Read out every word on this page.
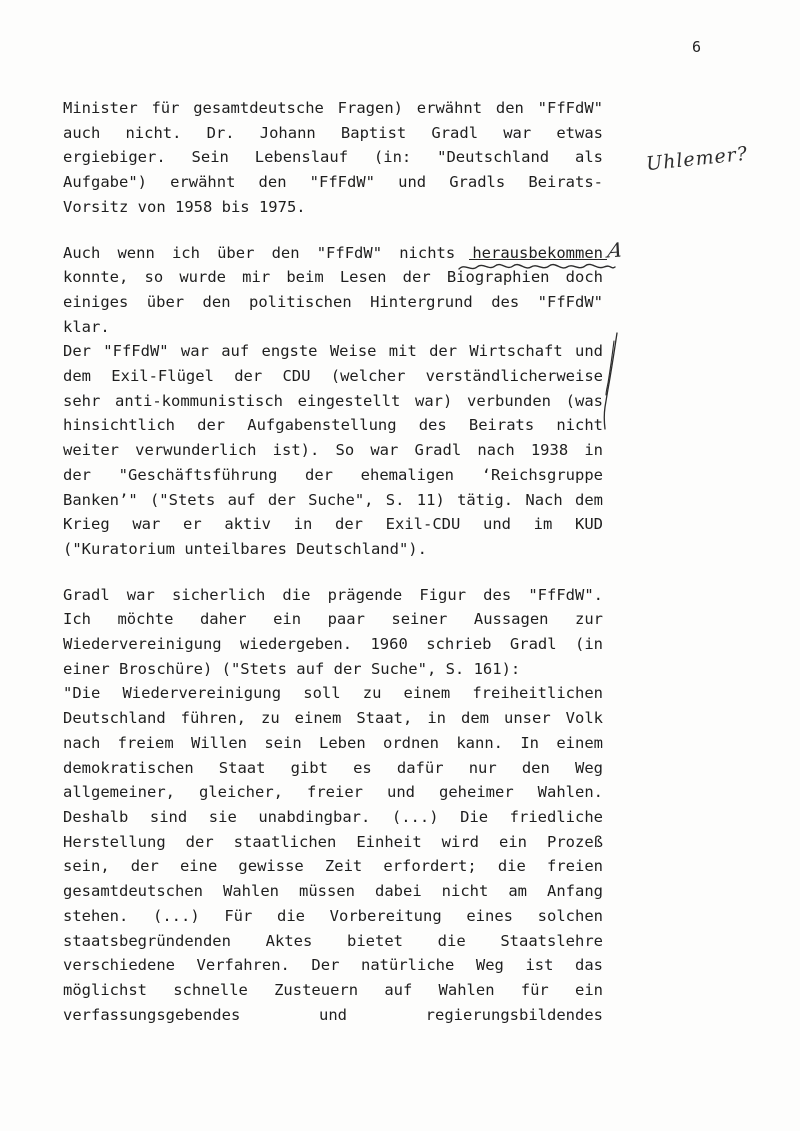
6
Uhlemer?
Minister für gesamtdeutsche Fragen) erwähnt den "FfFdW"
auch nicht. Dr. Johann Baptist Gradl war etwas
ergiebiger. Sein Lebenslauf (in: "Deutschland als
Aufgabe") erwähnt den "FfFdW" und Gradls Beirats-
Vorsitz von 1958 bis 1975.
Auch wenn ich über den "FfFdW" nichts herausbekommen
konnte, so wurde mir beim Lesen der Biographien doch
einiges über den politischen Hintergrund des "FfFdW"
klar.
Der "FfFdW" war auf engste Weise mit der Wirtschaft und
dem Exil-Flügel der CDU (welcher verständlicherweise
sehr anti-kommunistisch eingestellt war) verbunden (was
hinsichtlich der Aufgabenstellung des Beirats nicht
weiter verwunderlich ist). So war Gradl nach 1938 in
der "Geschäftsführung der ehemaligen ‘Reichsgruppe
Banken’" ("Stets auf der Suche", S. 11) tätig. Nach dem
Krieg war er aktiv in der Exil-CDU und im KUD
("Kuratorium unteilbares Deutschland").
Gradl war sicherlich die prägende Figur des "FfFdW".
Ich möchte daher ein paar seiner Aussagen zur
Wiedervereinigung wiedergeben. 1960 schrieb Gradl (in
einer Broschüre) ("Stets auf der Suche", S. 161):
"Die Wiedervereinigung soll zu einem freiheitlichen
Deutschland führen, zu einem Staat, in dem unser Volk
nach freiem Willen sein Leben ordnen kann. In einem
demokratischen Staat gibt es dafür nur den Weg
allgemeiner, gleicher, freier und geheimer Wahlen.
Deshalb sind sie unabdingbar. (...) Die friedliche
Herstellung der staatlichen Einheit wird ein Prozeß
sein, der eine gewisse Zeit erfordert; die freien
gesamtdeutschen Wahlen müssen dabei nicht am Anfang
stehen. (...) Für die Vorbereitung eines solchen
staatsbegründenden Aktes bietet die Staatslehre
verschiedene Verfahren. Der natürliche Weg ist das
möglichst schnelle Zusteuern auf Wahlen für ein
verfassungsgebendes und regierungsbildendes
A
